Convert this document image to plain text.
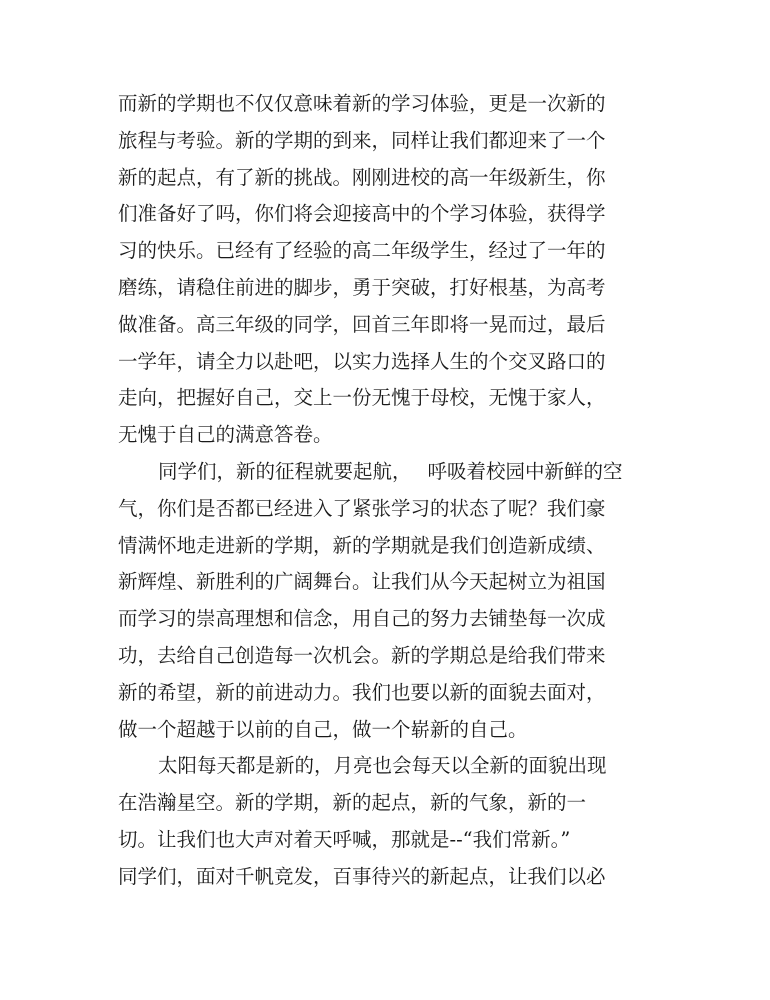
而新的学期也不仅仅意味着新的学习体验，更是一次新的
旅程与考验。新的学期的到来，同样让我们都迎来了一个
新的起点，有了新的挑战。刚刚进校的高一年级新生，你
们准备好了吗，你们将会迎接高中的个学习体验，获得学
习的快乐。已经有了经验的高二年级学生，经过了一年的
磨练，请稳住前进的脚步，勇于突破，打好根基，为高考
做准备。高三年级的同学，回首三年即将一晃而过，最后
一学年，请全力以赴吧，以实力选择人生的个交叉路口的
走向，把握好自己，交上一份无愧于母校，无愧于家人，
无愧于自己的满意答卷。
同学们，新的征程就要起航，　 呼吸着校园中新鲜的空
气，你们是否都已经进入了紧张学习的状态了呢？我们豪
情满怀地走进新的学期，新的学期就是我们创造新成绩、
新辉煌、新胜利的广阔舞台。让我们从今天起树立为祖国
而学习的崇高理想和信念，用自己的努力去铺垫每一次成
功，去给自己创造每一次机会。新的学期总是给我们带来
新的希望，新的前进动力。我们也要以新的面貌去面对，
做一个超越于以前的自己，做一个崭新的自己。
太阳每天都是新的，月亮也会每天以全新的面貌出现
在浩瀚星空。新的学期，新的起点，新的气象，新的一
切。让我们也大声对着天呼喊，那就是--“我们常新。”
同学们，面对千帆竞发，百事待兴的新起点，让我们以必
